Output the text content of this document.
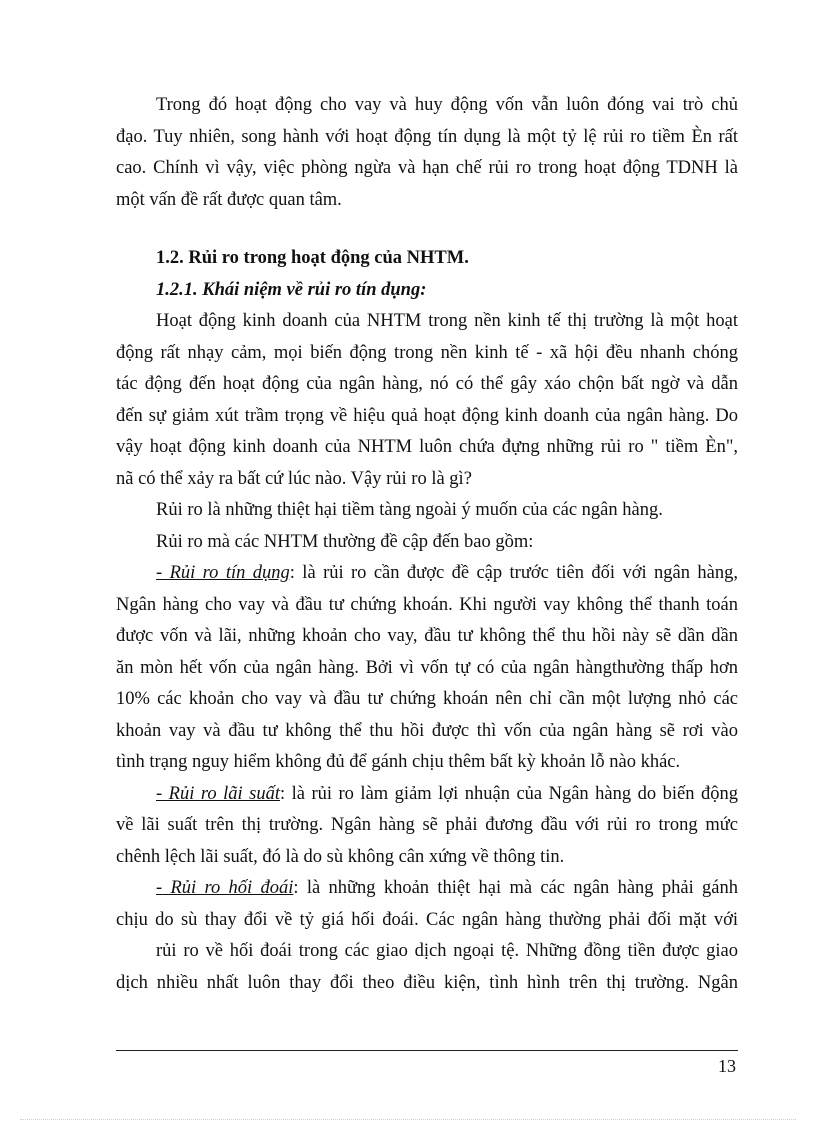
Trong đó hoạt động cho vay và huy động vốn vẫn luôn đóng vai trò chủ
đạo. Tuy nhiên, song hành với hoạt động tín dụng là một tỷ lệ rủi ro tiềm Èn rất
cao. Chính vì vậy, việc phòng ngừa và hạn chế rủi ro trong hoạt động TDNH là
một vấn đề rất được quan tâm.
1.2. Rủi ro trong hoạt động của NHTM.
1.2.1. Khái niệm về rủi ro tín dụng:
Hoạt động kinh doanh của NHTM trong nền kinh tế thị trường là một hoạt
động rất nhạy cảm, mọi biến động trong nền kinh tế - xã hội đều nhanh chóng
tác động đến hoạt động của ngân hàng, nó có thể gây xáo chộn bất ngờ và dẫn
đến sự giảm xút trầm trọng về hiệu quả hoạt động kinh doanh của ngân hàng. Do
vậy hoạt động kinh doanh của NHTM luôn chứa đựng những rủi ro " tiềm Èn",
nã có thể xảy ra bất cứ lúc nào. Vậy rủi ro là gì?
Rủi ro là những thiệt hại tiềm tàng ngoài ý muốn của các ngân hàng.
Rủi ro mà các NHTM thường đề cập đến bao gồm:
- Rủi ro tín dụng: là rủi ro cần được đề cập trước tiên đối với ngân hàng,
Ngân hàng cho vay và đầu tư chứng khoán. Khi người vay không thể thanh toán
được vốn và lãi, những khoản cho vay, đầu tư không thể thu hồi này sẽ dần dần
ăn mòn hết vốn của ngân hàng. Bởi vì vốn tự có của ngân hàngthường thấp hơn
10% các khoản cho vay và đầu tư chứng khoán nên chỉ cần một lượng nhỏ các
khoản vay và đầu tư không thể thu hồi được thì vốn của ngân hàng sẽ rơi vào
tình trạng nguy hiểm không đủ để gánh chịu thêm bất kỳ khoản lỗ nào khác.
- Rủi ro lãi suất: là rủi ro làm giảm lợi nhuận của Ngân hàng do biến động
về lãi suất trên thị trường. Ngân hàng sẽ phải đương đầu với rủi ro trong mức
chênh lệch lãi suất, đó là do sù không cân xứng về thông tin.
- Rủi ro hối đoái: là những khoản thiệt hại mà các ngân hàng phải gánh
chịu do sù thay đổi về tỷ giá hối đoái. Các ngân hàng thường phải đối mặt với
rủi ro về hối đoái trong các giao dịch ngoại tệ. Những đồng tiền được giao
dịch nhiều nhất luôn thay đổi theo điều kiện, tình hình trên thị trường. Ngân
13
